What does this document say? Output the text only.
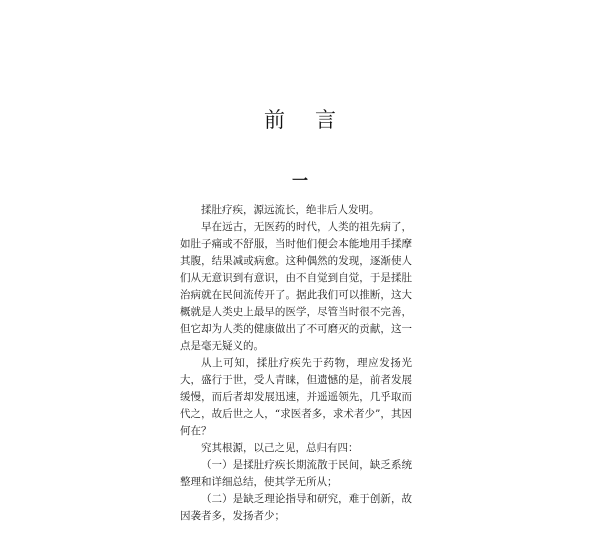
前言
一

揉肚疗疾，源远流长，绝非后人发明。

早在远古，无医药的时代，人类的祖先病了，如肚子痛或不舒服，当时他们便会本能地用手揉摩其腹，结果减或病愈。这种偶然的发现，逐渐使人们从无意识到有意识，由不自觉到自觉，于是揉肚治病就在民间流传开了。据此我们可以推断，这大概就是人类史上最早的医学，尽管当时很不完善，但它却为人类的健康做出了不可磨灭的贡献，这一点是毫无疑义的。

从上可知，揉肚疗疾先于药物，理应发扬光大，盛行于世，受人青睐，但遗憾的是，前者发展缓慢，而后者却发展迅速，并遥遥领先，几乎取而代之，故后世之人，“求医者多，求术者少”，其因何在？

究其根源，以己之见，总归有四：

（一）是揉肚疗疾长期流散于民间，缺乏系统整理和详细总结，使其学无所从；

（二）是缺乏理论指导和研究，难于创新，故因袭者多，发扬者少；
